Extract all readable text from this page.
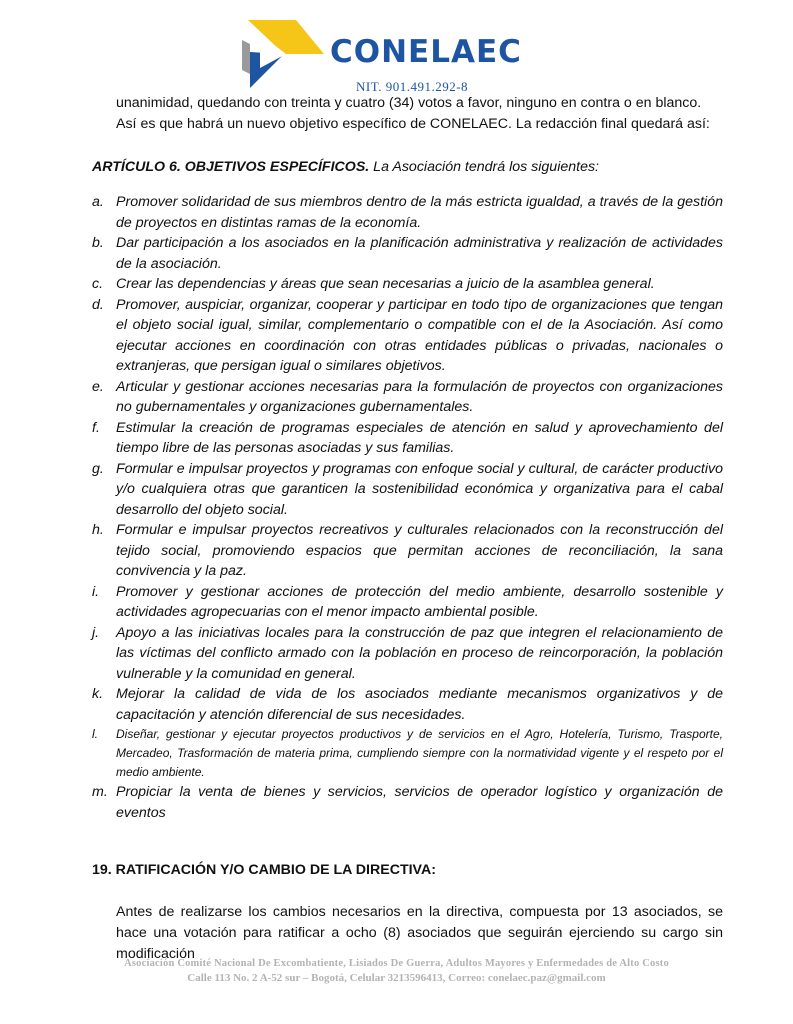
CONELAEC
NIT. 901.491.292-8

unanimidad, quedando con treinta y cuatro (34) votos a favor, ninguno en contra o en blanco.

Así es que habrá un nuevo objetivo específico de CONELAEC. La redacción final quedará así:

ARTÍCULO 6. OBJETIVOS ESPECÍFICOS. La Asociación tendrá los siguientes:

a. Promover solidaridad de sus miembros dentro de la más estricta igualdad, a través de la gestión de proyectos en distintas ramas de la economía.
b. Dar participación a los asociados en la planificación administrativa y realización de actividades de la asociación.
c. Crear las dependencias y áreas que sean necesarias a juicio de la asamblea general.
d. Promover, auspiciar, organizar, cooperar y participar en todo tipo de organizaciones que tengan el objeto social igual, similar, complementario o compatible con el de la Asociación. Así como ejecutar acciones en coordinación con otras entidades públicas o privadas, nacionales o extranjeras, que persigan igual o similares objetivos.
e. Articular y gestionar acciones necesarias para la formulación de proyectos con organizaciones no gubernamentales y organizaciones gubernamentales.
f. Estimular la creación de programas especiales de atención en salud y aprovechamiento del tiempo libre de las personas asociadas y sus familias.
g. Formular e impulsar proyectos y programas con enfoque social y cultural, de carácter productivo y/o cualquiera otras que garanticen la sostenibilidad económica y organizativa para el cabal desarrollo del objeto social.
h. Formular e impulsar proyectos recreativos y culturales relacionados con la reconstrucción del tejido social, promoviendo espacios que permitan acciones de reconciliación, la sana convivencia y la paz.
i. Promover y gestionar acciones de protección del medio ambiente, desarrollo sostenible y actividades agropecuarias con el menor impacto ambiental posible.
j. Apoyo a las iniciativas locales para la construcción de paz que integren el relacionamiento de las víctimas del conflicto armado con la población en proceso de reincorporación, la población vulnerable y la comunidad en general.
k. Mejorar la calidad de vida de los asociados mediante mecanismos organizativos y de capacitación y atención diferencial de sus necesidades.
l. Diseñar, gestionar y ejecutar proyectos productivos y de servicios en el Agro, Hotelería, Turismo, Trasporte, Mercadeo, Trasformación de materia prima, cumpliendo siempre con la normatividad vigente y el respeto por el medio ambiente.
m. Propiciar la venta de bienes y servicios, servicios de operador logístico y organización de eventos

19. RATIFICACIÓN Y/O CAMBIO DE LA DIRECTIVA:

Antes de realizarse los cambios necesarios en la directiva, compuesta por 13 asociados, se hace una votación para ratificar a ocho (8) asociados que seguirán ejerciendo su cargo sin modificación

Asociación Comité Nacional De Excombatiente, Lisiados De Guerra, Adultos Mayores y Enfermedades de Alto Costo
Calle 113 No. 2 A-52 sur – Bogotá, Celular 3213596413, Correo: conelaec.paz@gmail.com
